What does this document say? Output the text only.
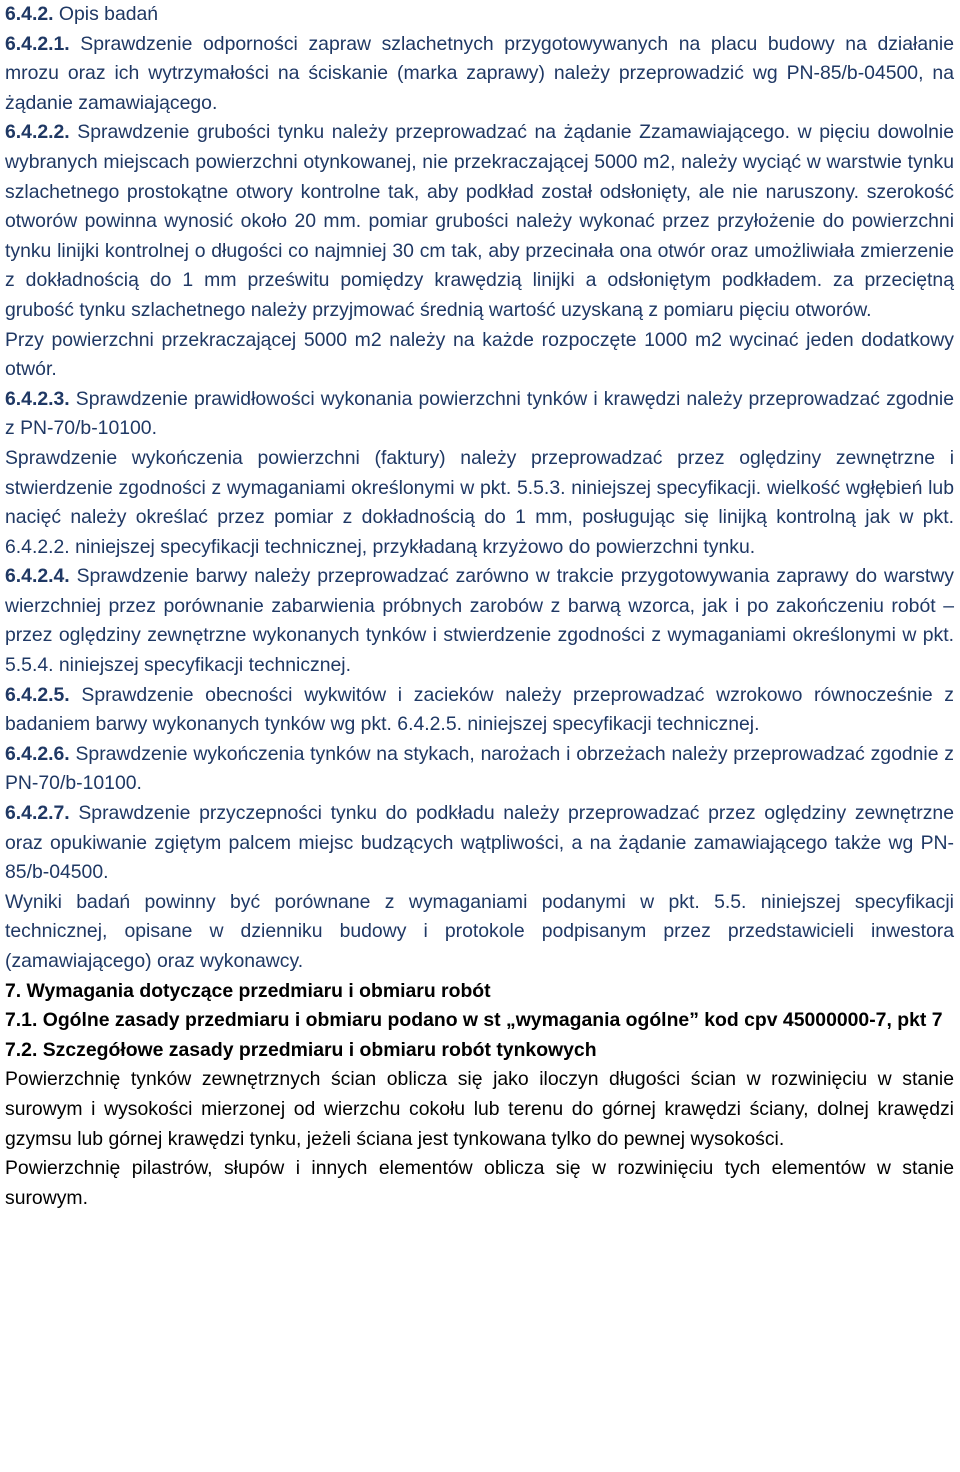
6.4.2. Opis badań

6.4.2.1. Sprawdzenie odporności zapraw szlachetnych przygotowywanych na placu budowy na działanie mrozu oraz ich wytrzymałości na ściskanie (marka zaprawy) należy przeprowadzić wg PN-85/b-04500, na żądanie zamawiającego.

6.4.2.2. Sprawdzenie grubości tynku należy przeprowadzać na żądanie Zzamawiającego. w pięciu dowolnie wybranych miejscach powierzchni otynkowanej, nie przekraczającej 5000 m2, należy wyciąć w warstwie tynku szlachetnego prostokątne otwory kontrolne tak, aby podkład został odsłonięty, ale nie naruszony. szerokość otworów powinna wynosić około 20 mm. pomiar grubości należy wykonać przez przyłożenie do powierzchni tynku linijki kontrolnej o długości co najmniej 30 cm tak, aby przecinała ona otwór oraz umożliwiała zmierzenie z dokładnością do 1 mm prześwitu pomiędzy krawędzią linijki a odsłoniętym podkładem. za przeciętną grubość tynku szlachetnego należy przyjmować średnią wartość uzyskaną z pomiaru pięciu otworów.

Przy powierzchni przekraczającej 5000 m2 należy na każde rozpoczęte 1000 m2 wycinać jeden dodatkowy otwór.

6.4.2.3. Sprawdzenie prawidłowości wykonania powierzchni tynków i krawędzi należy przeprowadzać zgodnie z PN-70/b-10100.

Sprawdzenie wykończenia powierzchni (faktury) należy przeprowadzać przez oględziny zewnętrzne i stwierdzenie zgodności z wymaganiami określonymi w pkt. 5.5.3. niniejszej specyfikacji. wielkość wgłębień lub nacięć należy określać przez pomiar z dokładnością do 1 mm, posługując się linijką kontrolną jak w pkt. 6.4.2.2. niniejszej specyfikacji technicznej, przykładaną krzyżowo do powierzchni tynku.

6.4.2.4. Sprawdzenie barwy należy przeprowadzać zarówno w trakcie przygotowywania zaprawy do warstwy wierzchniej przez porównanie zabarwienia próbnych zarobów z barwą wzorca, jak i po zakończeniu robót – przez oględziny zewnętrzne wykonanych tynków i stwierdzenie zgodności z wymaganiami określonymi w pkt. 5.5.4. niniejszej specyfikacji technicznej.

6.4.2.5. Sprawdzenie obecności wykwitów i zacieków należy przeprowadzać wzrokowo równocześnie z badaniem barwy wykonanych tynków wg pkt. 6.4.2.5. niniejszej specyfikacji technicznej.

6.4.2.6. Sprawdzenie wykończenia tynków na stykach, narożach i obrzeżach należy przeprowadzać zgodnie z PN-70/b-10100.

6.4.2.7. Sprawdzenie przyczepności tynku do podkładu należy przeprowadzać przez oględziny zewnętrzne oraz opukiwanie zgiętym palcem miejsc budzących wątpliwości, a na żądanie zamawiającego także wg PN-85/b-04500.

Wyniki badań powinny być porównane z wymaganiami podanymi w pkt. 5.5. niniejszej specyfikacji technicznej, opisane w dzienniku budowy i protokole podpisanym przez przedstawicieli inwestora (zamawiającego) oraz wykonawcy.

7. Wymagania dotyczące przedmiaru i obmiaru robót

7.1. Ogólne zasady przedmiaru i obmiaru podano w st „wymagania ogólne” kod cpv 45000000-7, pkt 7

7.2. Szczegółowe zasady przedmiaru i obmiaru robót tynkowych

Powierzchnię tynków zewnętrznych ścian oblicza się jako iloczyn długości ścian w rozwinięciu w stanie surowym i wysokości mierzonej od wierzchu cokołu lub terenu do górnej krawędzi ściany, dolnej krawędzi gzymsu lub górnej krawędzi tynku, jeżeli ściana jest tynkowana tylko do pewnej wysokości.

Powierzchnię pilastrów, słupów i innych elementów oblicza się w rozwinięciu tych elementów w stanie surowym.
